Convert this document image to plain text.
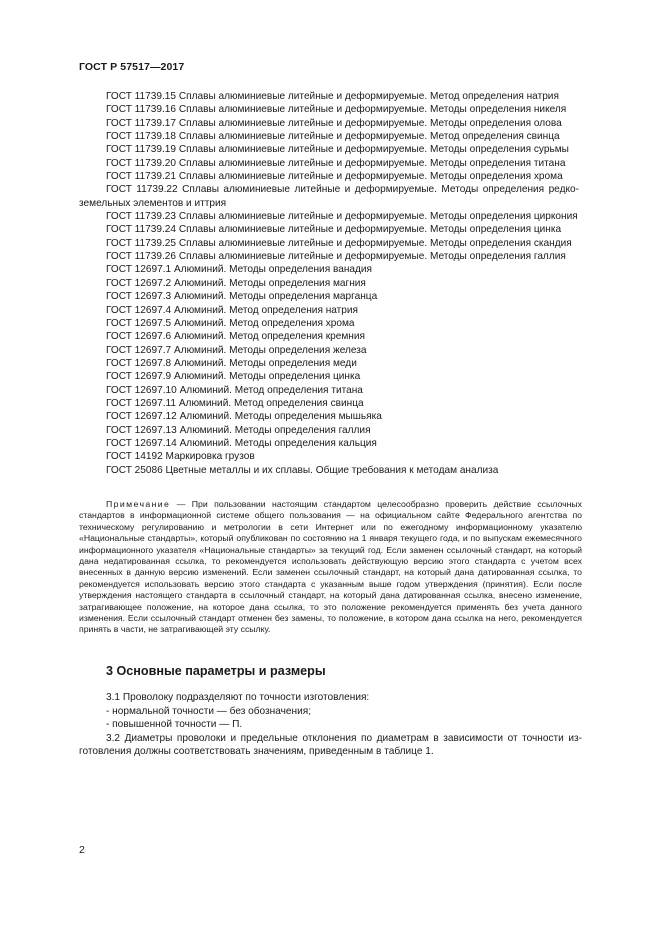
ГОСТ Р 57517—2017
ГОСТ 11739.15 Сплавы алюминиевые литейные и деформируемые. Метод определения натрия
ГОСТ 11739.16 Сплавы алюминиевые литейные и деформируемые. Методы определения никеля
ГОСТ 11739.17 Сплавы алюминиевые литейные и деформируемые. Методы определения олова
ГОСТ 11739.18 Сплавы алюминиевые литейные и деформируемые. Метод определения свинца
ГОСТ 11739.19 Сплавы алюминиевые литейные и деформируемые. Методы определения сурьмы
ГОСТ 11739.20 Сплавы алюминиевые литейные и деформируемые. Методы определения титана
ГОСТ 11739.21 Сплавы алюминиевые литейные и деформируемые. Методы определения хрома
ГОСТ 11739.22 Сплавы алюминиевые литейные и деформируемые. Методы определения редкоземельных элементов и иттрия
ГОСТ 11739.23 Сплавы алюминиевые литейные и деформируемые. Методы определения циркония
ГОСТ 11739.24 Сплавы алюминиевые литейные и деформируемые. Методы определения цинка
ГОСТ 11739.25 Сплавы алюминиевые литейные и деформируемые. Методы определения скандия
ГОСТ 11739.26 Сплавы алюминиевые литейные и деформируемые. Методы определения галлия
ГОСТ 12697.1 Алюминий. Методы определения ванадия
ГОСТ 12697.2 Алюминий. Методы определения магния
ГОСТ 12697.3 Алюминий. Методы определения марганца
ГОСТ 12697.4 Алюминий. Метод определения натрия
ГОСТ 12697.5 Алюминий. Метод определения хрома
ГОСТ 12697.6 Алюминий. Метод определения кремния
ГОСТ 12697.7 Алюминий. Методы определения железа
ГОСТ 12697.8 Алюминий. Методы определения меди
ГОСТ 12697.9 Алюминий. Методы определения цинка
ГОСТ 12697.10 Алюминий. Метод определения титана
ГОСТ 12697.11 Алюминий. Метод определения свинца
ГОСТ 12697.12 Алюминий. Методы определения мышьяка
ГОСТ 12697.13 Алюминий. Методы определения галлия
ГОСТ 12697.14 Алюминий. Методы определения кальция
ГОСТ 14192 Маркировка грузов
ГОСТ 25086 Цветные металлы и их сплавы. Общие требования к методам анализа
Примечание — При пользовании настоящим стандартом целесообразно проверить действие ссылочных стандартов в информационной системе общего пользования — на официальном сайте Федерального агентства по техническому регулированию и метрологии в сети Интернет или по ежегодному информационному указателю «Национальные стандарты», который опубликован по состоянию на 1 января текущего года, и по выпускам ежемесячного информационного указателя «Национальные стандарты» за текущий год. Если заменен ссылочный стандарт, на который дана недатированная ссылка, то рекомендуется использовать действующую версию этого стандарта с учетом всех внесенных в данную версию изменений. Если заменен ссылочный стандарт, на который дана датированная ссылка, то рекомендуется использовать версию этого стандарта с указанным выше годом утверждения (принятия). Если после утверждения настоящего стандарта в ссылочный стандарт, на который дана датированная ссылка, внесено изменение, затрагивающее положение, на которое дана ссылка, то это положение рекомендуется применять без учета данного изменения. Если ссылочный стандарт отменен без замены, то положение, в котором дана ссылка на него, рекомендуется принять в части, не затрагивающей эту ссылку.
3 Основные параметры и размеры
3.1 Проволоку подразделяют по точности изготовления:
- нормальной точности — без обозначения;
- повышенной точности — П.
3.2 Диаметры проволоки и предельные отклонения по диаметрам в зависимости от точности изготовления должны соответствовать значениям, приведенным в таблице 1.
2
